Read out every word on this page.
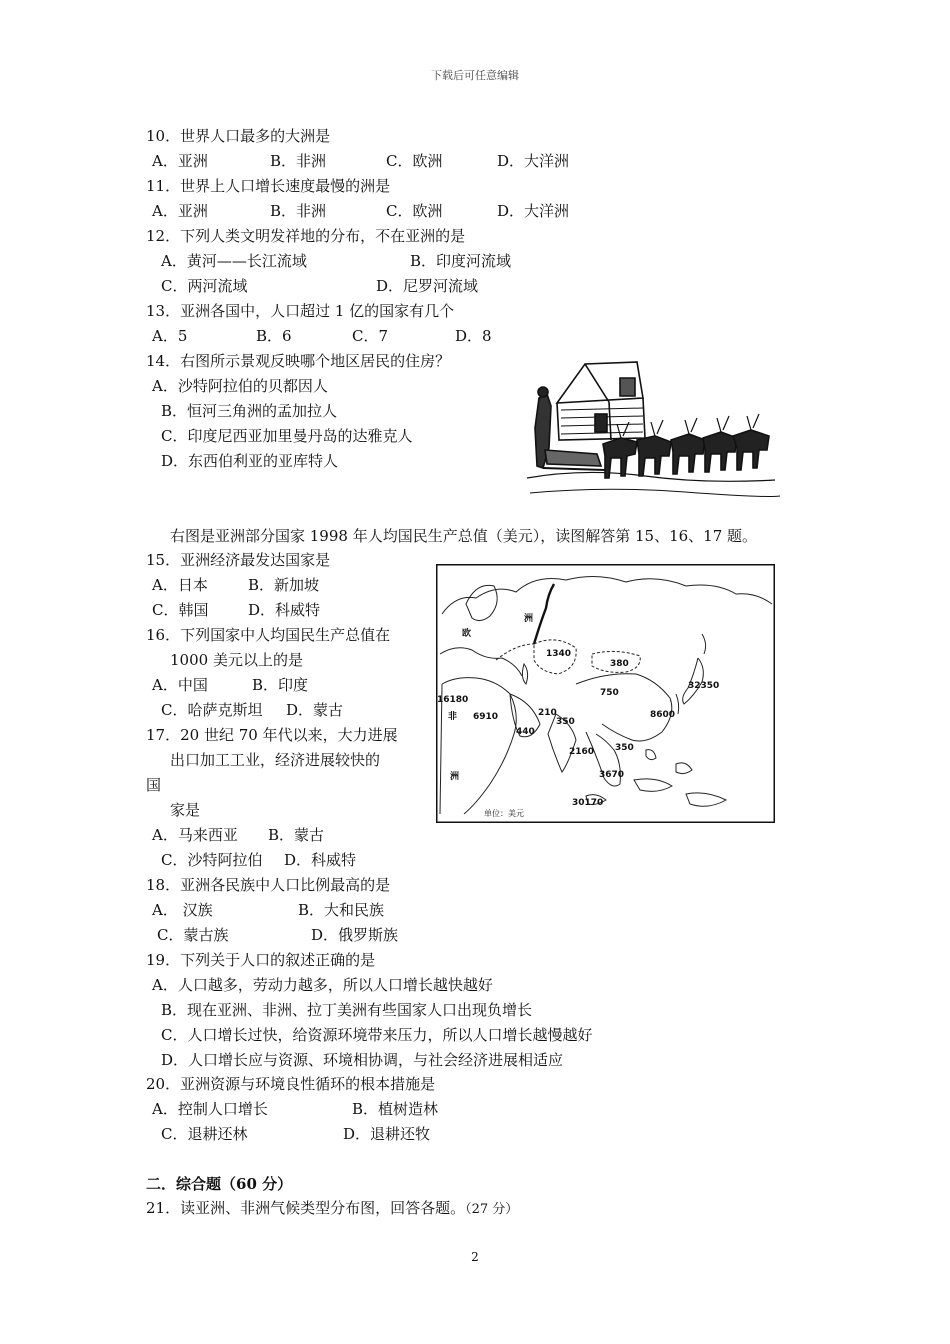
下载后可任意编辑
10．世界人口最多的大洲是
A．亚洲	B．非洲	C．欧洲	D．大洋洲
11．世界上人口增长速度最慢的洲是
A．亚洲	B．非洲	C．欧洲	D．大洋洲
12．下列人类文明发祥地的分布，不在亚洲的是
A．黄河——长江流域	B．印度河流域
C．两河流域	D．尼罗河流域
13．亚洲各国中，人口超过 1 亿的国家有几个
A．5	B．6	C．7	D．8
14．右图所示景观反映哪个地区居民的住房？
A．沙特阿拉伯的贝都因人
B．恒河三角洲的孟加拉人
C．印度尼西亚加里曼丹岛的达雅克人
D．东西伯利亚的亚库特人
右图是亚洲部分国家 1998 年人均国民生产总值（美元），读图解答第 15、16、17 题。
15．亚洲经济最发达国家是
A．日本	B．新加坡
C．韩国	D．科威特
16．下列国家中人均国民生产总值在
1000 美元以上的是
A．中国	B．印度
C．哈萨克斯坦 D．蒙古
17．20 世纪 70 年代以来，大力进展
出口加工工业，经济进展较快的
国
家是
A．马来西亚 B．蒙古
C．沙特阿拉伯 D．科威特
18．亚洲各民族中人口比例最高的是
A． 汉族	B．大和民族
C．蒙古族	D．俄罗斯族
19．下列关于人口的叙述正确的是
A．人口越多，劳动力越多，所以人口增长越快越好
B．现在亚洲、非洲、拉丁美洲有些国家人口出现负增长
C．人口增长过快，给资源环境带来压力，所以人口增长越慢越好
D．人口增长应与资源、环境相协调，与社会经济进展相适应
20．亚洲资源与环境良性循环的根本措施是
A．控制人口增长	B．植树造林
C．退耕还林	D．退耕还牧
二．综合题（60 分）
21．读亚洲、非洲气候类型分布图，回答各题。（27 分）
欧
洲
1340
380
750
32350
8600
16180
非 6910	210
350
440
350
2160
3670
洲
30170
单位：美元
2
